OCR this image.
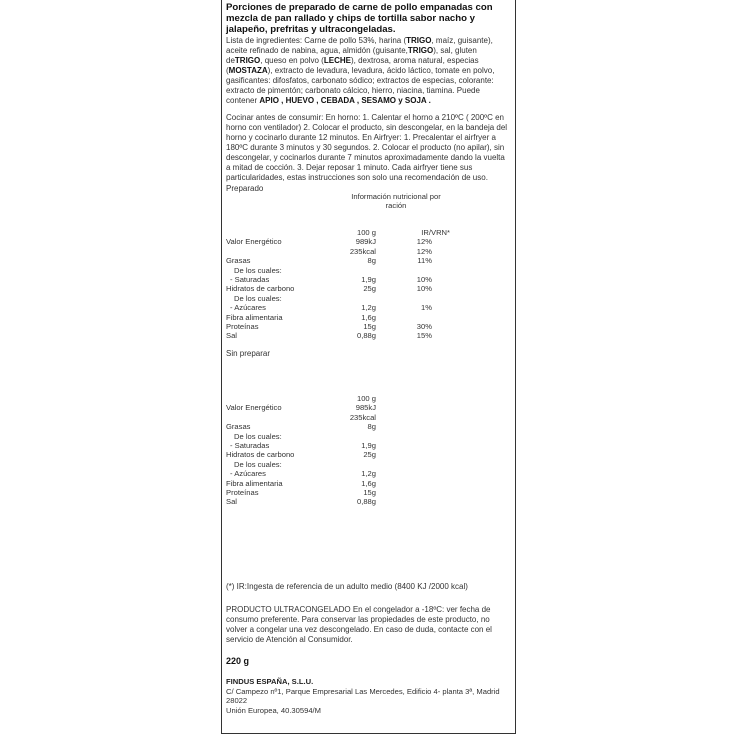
Porciones de preparado de carne de pollo empanadas con mezcla de pan rallado y chips de tortilla sabor nacho y jalapeño, prefritas y ultracongeladas.
Lista de ingredientes: Carne de pollo 53%, harina (TRIGO, maíz, guisante), aceite refinado de nabina, agua, almidón (guisante,TRIGO), sal, gluten deTRIGO, queso en polvo (LECHE), dextrosa, aroma natural, especias (MOSTAZA), extracto de levadura, levadura, ácido láctico, tomate en polvo, gasificantes: difosfatos, carbonato sódico; extractos de especias, colorante: extracto de pimentón; carbonato cálcico, hierro, niacina, tiamina. Puede contener APIO , HUEVO , CEBADA , SESAMO y SOJA .
Cocinar antes de consumir: En horno: 1. Calentar el horno a 210ºC ( 200ºC en horno con ventilador) 2. Colocar el producto, sin descongelar, en la bandeja del horno y cocinarlo durante 12 minutos. En Airfryer: 1. Precalentar el airfryer a 180ºC durante 3 minutos y 30 segundos. 2. Colocar el producto (no apilar), sin descongelar, y cocinarlos durante 7 minutos aproximadamente dando la vuelta a mitad de cocción. 3. Dejar reposar 1 minuto. Cada airfryer tiene sus particularidades, estas instrucciones son solo una recomendación de uso.
Preparado
Información nutricional por ración
100 g	IR/VRN*
Valor Energético	989kJ	12%
235kcal	12%
Grasas	8g	11%
De los cuales:
- Saturadas	1,9g	10%
Hidratos de carbono	25g	10%
De los cuales:
- Azúcares	1,2g	1%
Fibra alimentaria	1,6g
Proteínas	15g	30%
Sal	0,88g	15%
Sin preparar
100 g
Valor Energético	985kJ
235kcal
Grasas	8g
De los cuales:
- Saturadas	1,9g
Hidratos de carbono	25g
De los cuales:
- Azúcares	1,2g
Fibra alimentaria	1,6g
Proteínas	15g
Sal	0,88g
(*) IR:Ingesta de referencia de un adulto medio (8400 KJ /2000 kcal)
PRODUCTO ULTRACONGELADO En el congelador a -18ºC: ver fecha de consumo preferente. Para conservar las propiedades de este producto, no volver a congelar una vez descongelado. En caso de duda, contacte con el servicio de Atención al Consumidor.
220 g
FINDUS ESPAÑA, S.L.U.
C/ Campezo nº1, Parque Empresarial Las Mercedes, Edificio 4- planta 3ª, Madrid 28022
Unión Europea, 40.30594/M
